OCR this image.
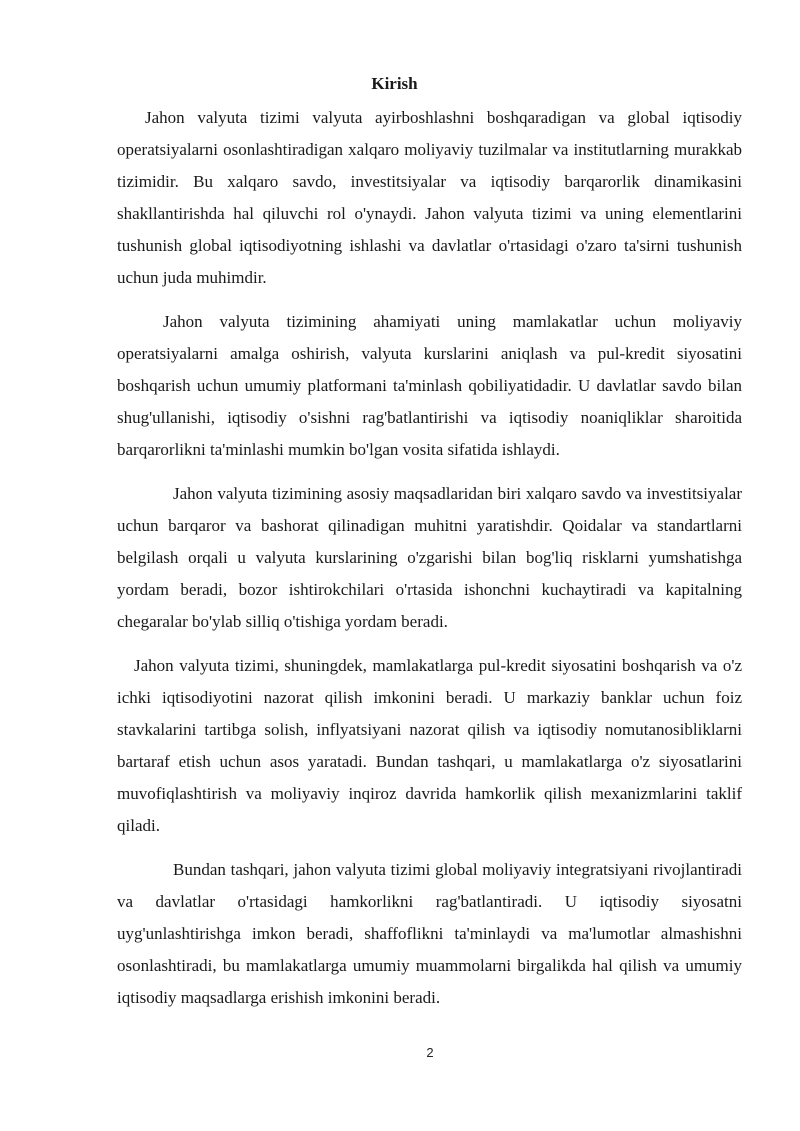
Kirish

Jahon valyuta tizimi valyuta ayirboshlashni boshqaradigan va global iqtisodiy operatsiyalarni osonlashtiradigan xalqaro moliyaviy tuzilmalar va institutlarning murakkab tizimidir. Bu xalqaro savdo, investitsiyalar va iqtisodiy barqarorlik dinamikasini shakllantirishda hal qiluvchi rol o'ynaydi. Jahon valyuta tizimi va uning elementlarini tushunish global iqtisodiyotning ishlashi va davlatlar o'rtasidagi o'zaro ta'sirni tushunish uchun juda muhimdir.

Jahon valyuta tizimining ahamiyati uning mamlakatlar uchun moliyaviy operatsiyalarni amalga oshirish, valyuta kurslarini aniqlash va pul-kredit siyosatini boshqarish uchun umumiy platformani ta'minlash qobiliyatidadir. U davlatlar savdo bilan shug'ullanishi, iqtisodiy o'sishni rag'batlantirishi va iqtisodiy noaniqliklar sharoitida barqarorlikni ta'minlashi mumkin bo'lgan vosita sifatida ishlaydi.

Jahon valyuta tizimining asosiy maqsadlaridan biri xalqaro savdo va investitsiyalar uchun barqaror va bashorat qilinadigan muhitni yaratishdir. Qoidalar va standartlarni belgilash orqali u valyuta kurslarining o'zgarishi bilan bog'liq risklarni yumshatishga yordam beradi, bozor ishtirokchilari o'rtasida ishonchni kuchaytiradi va kapitalning chegaralar bo'ylab silliq o'tishiga yordam beradi.

Jahon valyuta tizimi, shuningdek, mamlakatlarga pul-kredit siyosatini boshqarish va o'z ichki iqtisodiyotini nazorat qilish imkonini beradi. U markaziy banklar uchun foiz stavkalarini tartibga solish, inflyatsiyani nazorat qilish va iqtisodiy nomutanosibliklarni bartaraf etish uchun asos yaratadi. Bundan tashqari, u mamlakatlarga o'z siyosatlarini muvofiqlashtirish va moliyaviy inqiroz davrida hamkorlik qilish mexanizmlarini taklif qiladi.

Bundan tashqari, jahon valyuta tizimi global moliyaviy integratsiyani rivojlantiradi va davlatlar o'rtasidagi hamkorlikni rag'batlantiradi. U iqtisodiy siyosatni uyg'unlashtirishga imkon beradi, shaffoflikni ta'minlaydi va ma'lumotlar almashishni osonlashtiradi, bu mamlakatlarga umumiy muammolarni birgalikda hal qilish va umumiy iqtisodiy maqsadlarga erishish imkonini beradi.

2
